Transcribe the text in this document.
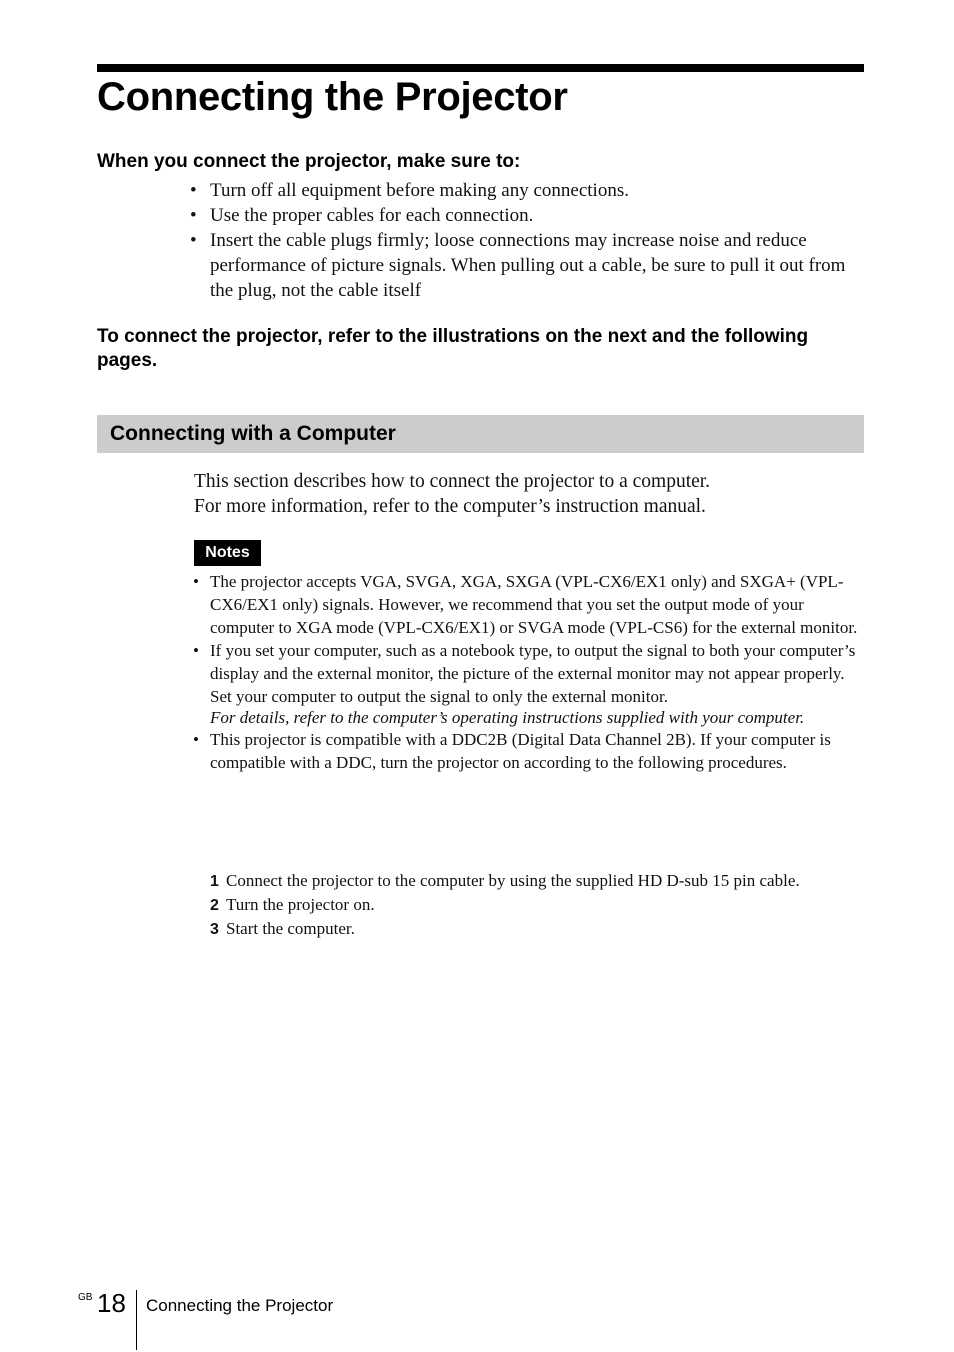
Connecting the Projector
When you connect the projector, make sure to:
• Turn off all equipment before making any connections.
• Use the proper cables for each connection.
• Insert the cable plugs firmly; loose connections may increase noise and reduce performance of picture signals. When pulling out a cable, be sure to pull it out from the plug, not the cable itself
To connect the projector, refer to the illustrations on the next and the following pages.
Connecting with a Computer

This section describes how to connect the projector to a computer.

For more information, refer to the computer’s instruction manual.

Notes
• The projector accepts VGA, SVGA, XGA, SXGA (VPL-CX6/EX1 only) and SXGA+ (VPL-CX6/EX1 only) signals. However, we recommend that you set the output mode of your computer to XGA mode (VPL-CX6/EX1) or SVGA mode (VPL-CS6) for the external monitor.
• If you set your computer, such as a notebook type, to output the signal to both your computer’s display and the external monitor, the picture of the external monitor may not appear properly. Set your computer to output the signal to only the external monitor.
For details, refer to the computer’s operating instructions supplied with your computer.
• This projector is compatible with a DDC2B (Digital Data Channel 2B). If your computer is compatible with a DDC, turn the projector on according to the following procedures.
1 Connect the projector to the computer by using the supplied HD D-sub 15 pin cable.
2 Turn the projector on.
3 Start the computer.
GB 18 Connecting the Projector
